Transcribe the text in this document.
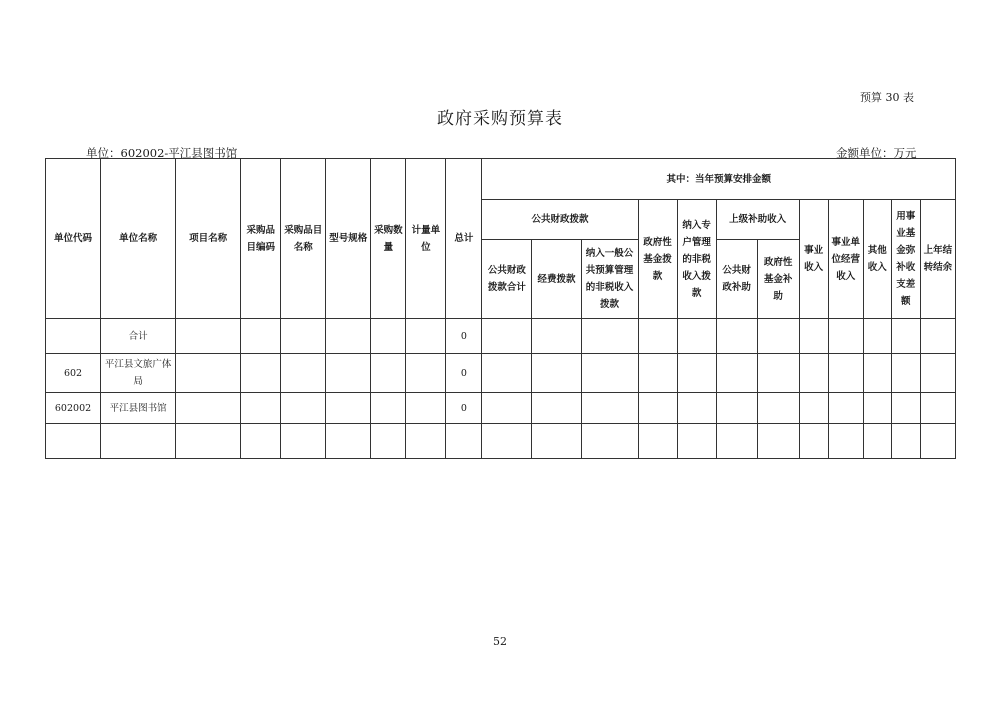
预算 30 表
政府采购预算表
单位：602002-平江县图书馆	金额单位：万元
单位代码	单位名称	项目名称	采购品目编码	采购品目名称	型号规格	采购数量	计量单位	总计	其中：当年预算安排金额											
									公共财政拨款			政府性基金拨款	纳入专户管理的非税收入拨款	上级补助收入		事业收入	事业单位经营收入	其他收入	用事业基金弥补收支差额	上年结转结余
									公共财政拨款合计	经费拨款	纳入一般公共预算管理的非税收入拨款			公共财政补助	政府性基金补助					
	合计							0												
602	平江县文旅广体局							0												
602002	平江县图书馆							0												

52
